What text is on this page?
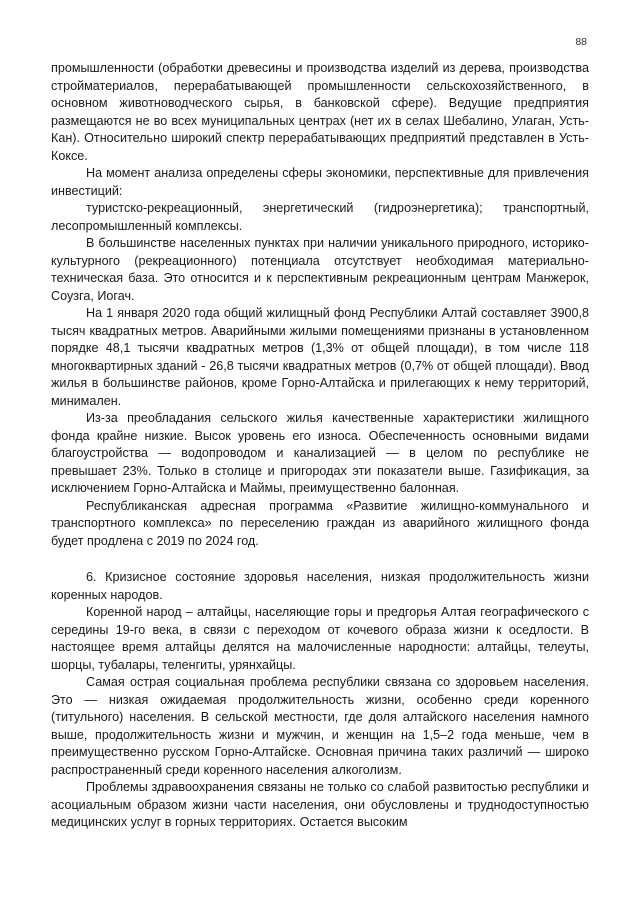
88

промышленности (обработки древесины и производства изделий из дерева, производства стройматериалов, перерабатывающей промышленности сельскохозяйственного, в основном животноводческого сырья, в банковской сфере). Ведущие предприятия размещаются не во всех муниципальных центрах (нет их в селах Шебалино, Улаган, Усть-Кан). Относительно широкий спектр перерабатывающих предприятий представлен в Усть-Коксе.

На момент анализа определены сферы экономики, перспективные для привлечения инвестиций:

туристско-рекреационный, энергетический (гидроэнергетика); транспортный, лесопромышленный комплексы.

В большинстве населенных пунктах при наличии уникального природного, историко-культурного (рекреационного) потенциала отсутствует необходимая материально-техническая база. Это относится и к перспективным рекреационным центрам Манжерок, Соузга, Иогач.

На 1 января 2020 года общий жилищный фонд Республики Алтай составляет 3900,8 тысяч квадратных метров. Аварийными жилыми помещениями признаны в установленном порядке 48,1 тысячи квадратных метров (1,3% от общей площади), в том числе 118 многоквартирных зданий - 26,8 тысячи квадратных метров (0,7% от общей площади). Ввод жилья в большинстве районов, кроме Горно-Алтайска и прилегающих к нему территорий, минимален.

Из-за преобладания сельского жилья качественные характеристики жилищного фонда крайне низкие. Высок уровень его износа. Обеспеченность основными видами благоустройства — водопроводом и канализацией — в целом по республике не превышает 23%. Только в столице и пригородах эти показатели выше. Газификация, за исключением Горно-Алтайска и Маймы, преимущественно балонная.

Республиканская адресная программа «Развитие жилищно-коммунального и транспортного комплекса» по переселению граждан из аварийного жилищного фонда будет продлена с 2019 по 2024 год.

6. Кризисное состояние здоровья населения, низкая продолжительность жизни коренных народов.

Коренной народ – алтайцы, населяющие горы и предгорья Алтая географического с середины 19-го века, в связи с переходом от кочевого образа жизни к оседлости. В настоящее время алтайцы делятся на малочисленные народности: алтайцы, телеуты, шорцы, тубалары, теленгиты, урянхайцы.

Самая острая социальная проблема республики связана со здоровьем населения. Это — низкая ожидаемая продолжительность жизни, особенно среди коренного (титульного) населения. В сельской местности, где доля алтайского населения намного выше, продолжительность жизни и мужчин, и женщин на 1,5–2 года меньше, чем в преимущественно русском Горно-Алтайске. Основная причина таких различий — широко распространенный среди коренного населения алкоголизм.

Проблемы здравоохранения связаны не только со слабой развитостью республики и асоциальным образом жизни части населения, они обусловлены и труднодоступностью медицинских услуг в горных территориях. Остается высоким
